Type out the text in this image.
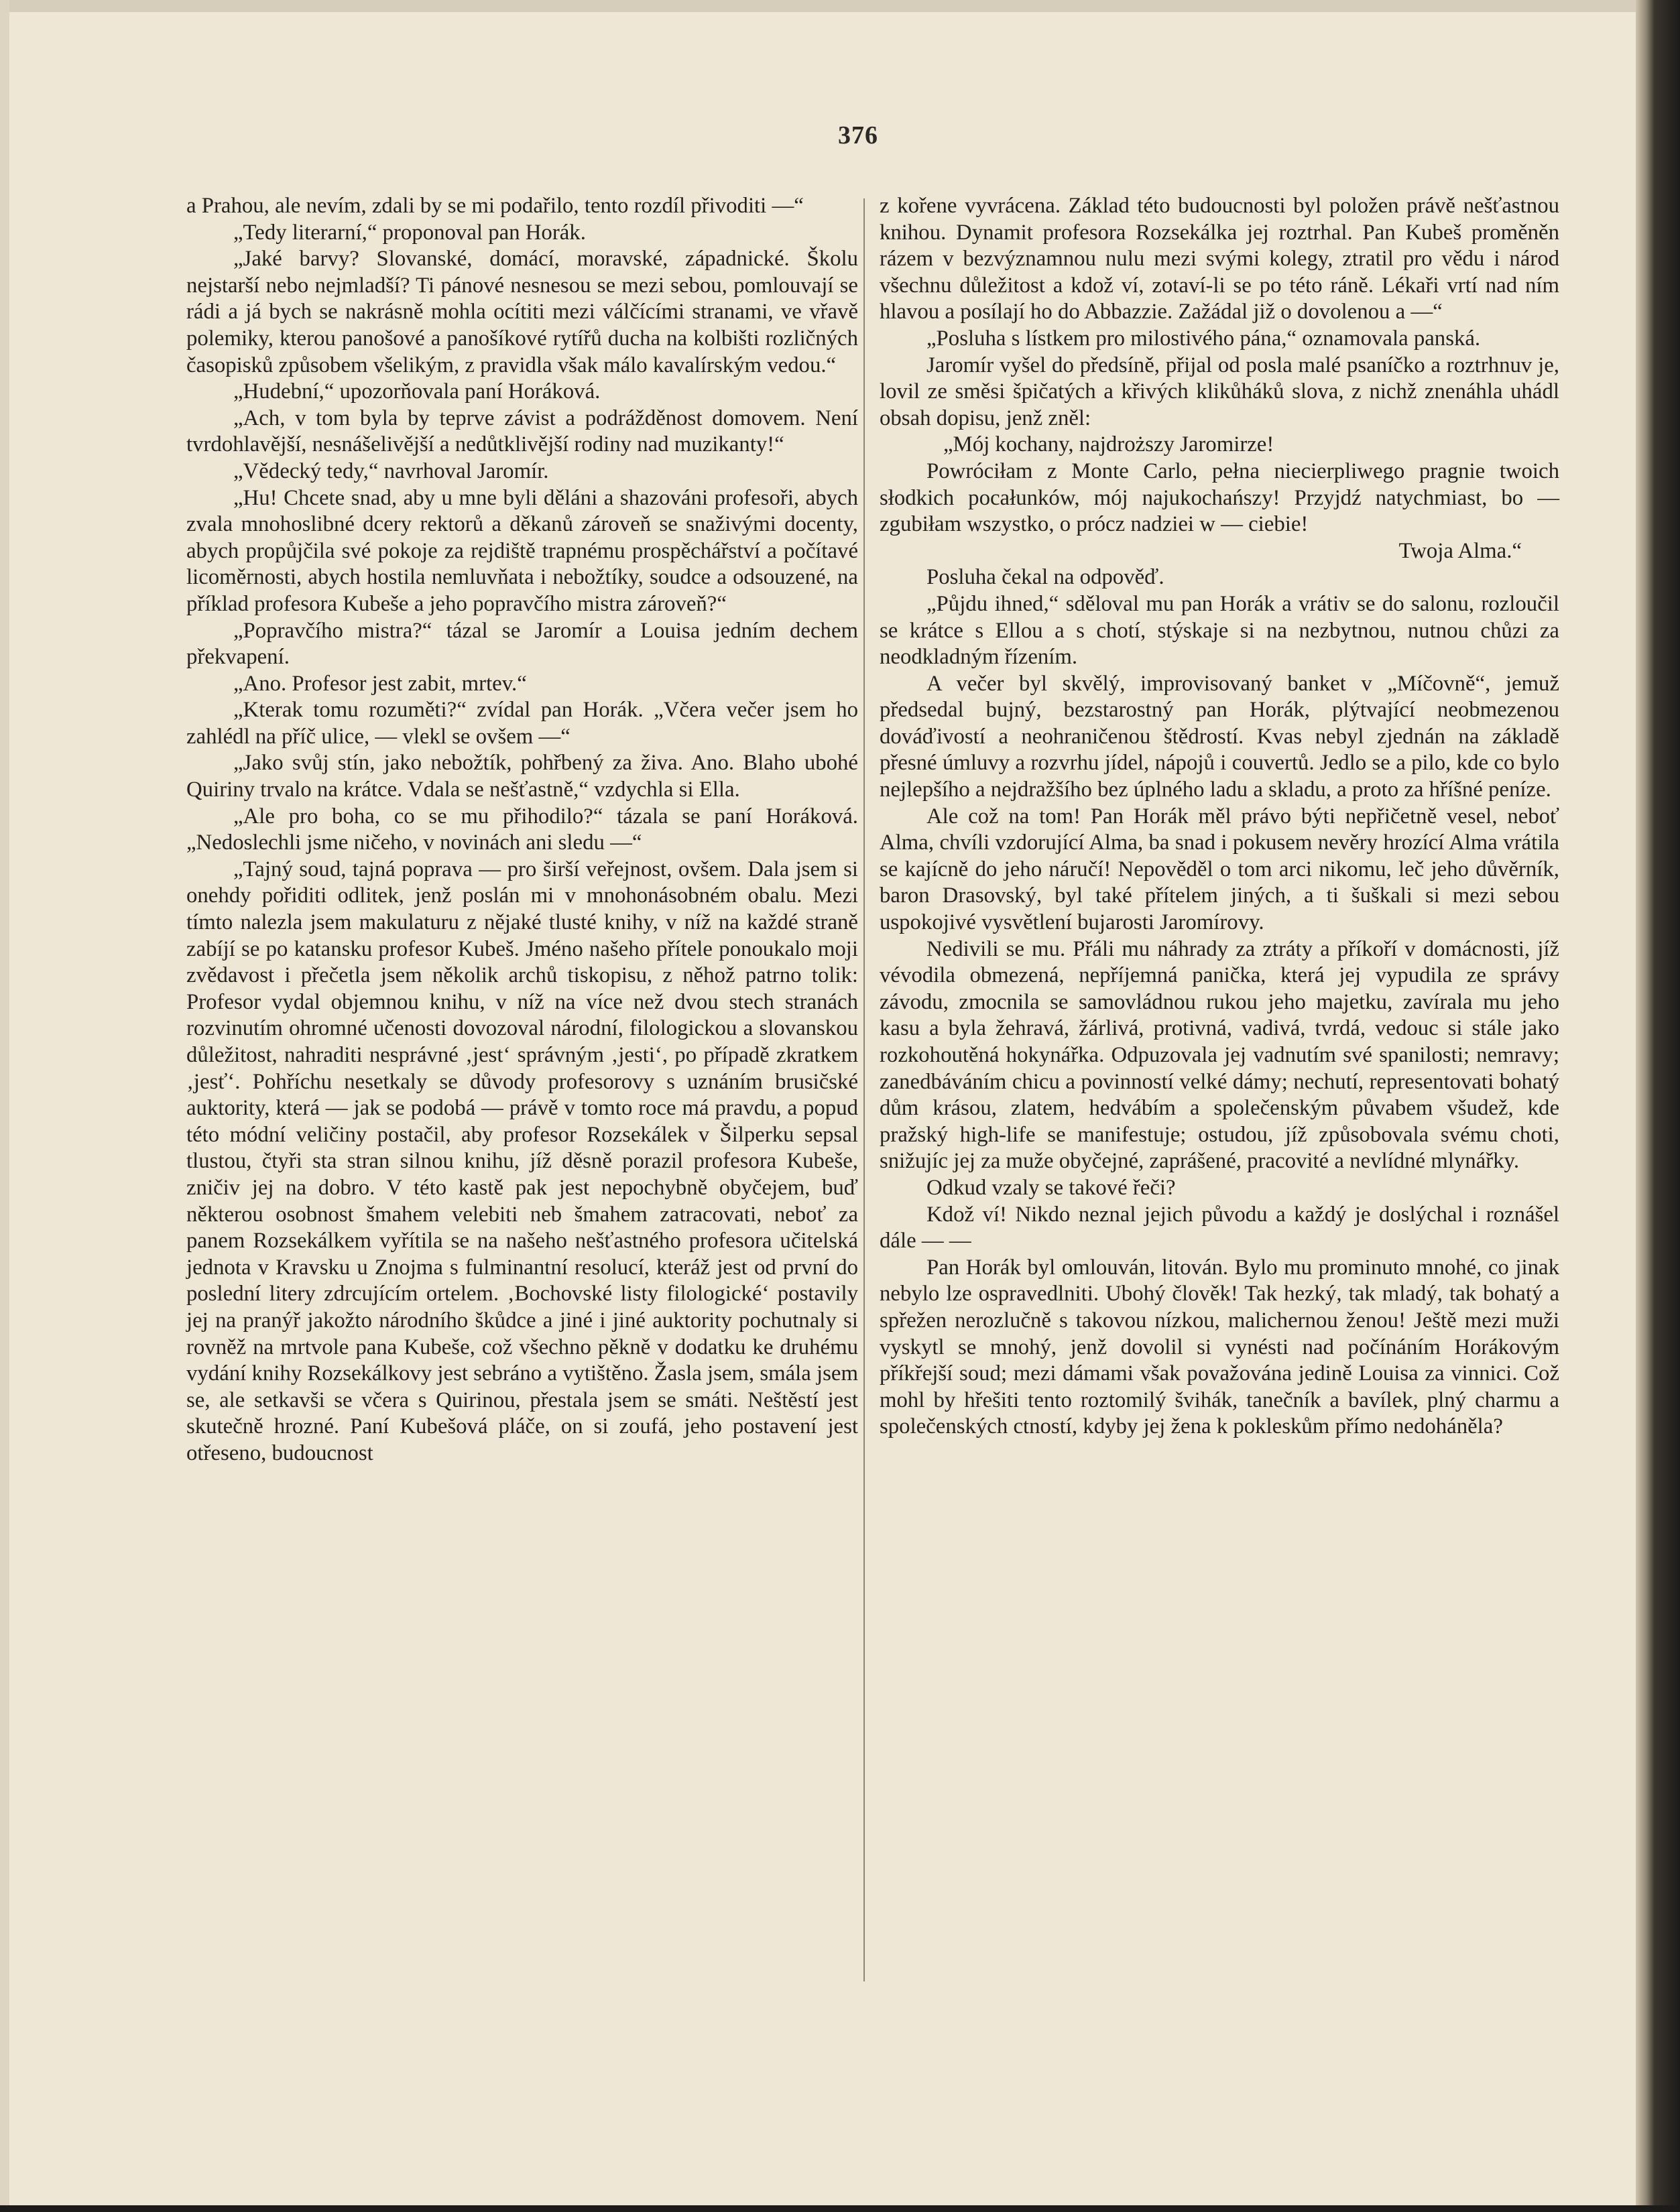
376

a Prahou, ale nevím, zdali by se mi podařilo, tento rozdíl přivoditi —“

„Tedy literarní,“ proponoval pan Horák.

„Jaké barvy? Slovanské, domácí, moravské, západnické. Školu nejstarší nebo nejmladší? Ti pánové nesnesou se mezi sebou, pomlouvají se rádi a já bych se nakrásně mohla ocítiti mezi válčícími stranami, ve vřavě polemiky, kterou panošové a panošíkové rytířů ducha na kolbišti rozličných časopisků způsobem všelikým, z pravidla však málo kavalírským vedou.“

„Hudební,“ upozorňovala paní Horáková.

„Ach, v tom byla by teprve závist a podrážděnost domovem. Není tvrdohlavější, nesnášelivější a nedůtklivější rodiny nad muzikanty!“

„Vědecký tedy,“ navrhoval Jaromír.

„Hu! Chcete snad, aby u mne byli děláni a shazováni profesoři, abych zvala mnohoslibné dcery rektorů a děkanů zároveň se snaživými docenty, abych propůjčila své pokoje za rejdiště trapnému prospěchářství a počítavé licoměrnosti, abych hostila nemluvňata i nebožtíky, soudce a odsouzené, na příklad profesora Kubeše a jeho popravčího mistra zároveň?“

„Popravčího mistra?“ tázal se Jaromír a Louisa jedním dechem překvapení.

„Ano. Profesor jest zabit, mrtev.“

„Kterak tomu rozuměti?“ zvídal pan Horák. „Včera večer jsem ho zahlédl na příč ulice, — vlekl se ovšem —“

„Jako svůj stín, jako nebožtík, pohřbený za živa. Ano. Blaho ubohé Quiriny trvalo na krátce. Vdala se nešťastně,“ vzdychla si Ella.

„Ale pro boha, co se mu přihodilo?“ tázala se paní Horáková. „Nedoslechli jsme ničeho, v novinách ani sledu —“

„Tajný soud, tajná poprava — pro širší veřejnost, ovšem. Dala jsem si onehdy pořiditi odlitek, jenž poslán mi v mnohonásobném obalu. Mezi tímto nalezla jsem makulaturu z nějaké tlusté knihy, v níž na každé straně zabíjí se po katansku profesor Kubeš. Jméno našeho přítele ponoukalo moji zvědavost i přečetla jsem několik archů tiskopisu, z něhož patrno tolik: Profesor vydal objemnou knihu, v níž na více než dvou stech stranách rozvinutím ohromné učenosti dovozoval národní, filologickou a slovanskou důležitost, nahraditi nesprávné ‚jest‘ správným ‚jesti‘, po případě zkratkem ‚jesť‘. Pohříchu nesetkaly se důvody profesorovy s uznáním brusičské auktority, která — jak se podobá — právě v tomto roce má pravdu, a popud této módní veličiny postačil, aby profesor Rozsekálek v Šilperku sepsal tlustou, čtyři sta stran silnou knihu, jíž děsně porazil profesora Kubeše, zničiv jej na dobro. V této kastě pak jest nepochybně obyčejem, buď některou osobnost šmahem velebiti neb šmahem zatracovati, neboť za panem Rozsekálkem vyřítila se na našeho nešťastného profesora učitelská jednota v Kravsku u Znojma s fulminantní resolucí, kteráž jest od první do poslední litery zdrcujícím ortelem. ‚Bochovské listy filologické‘ postavily jej na pranýř jakožto národního škůdce a jiné i jiné auktority pochutnaly si rovněž na mrtvole pana Kubeše, což všechno pěkně v dodatku ke druhému vydání knihy Rozsekálkovy jest sebráno a vytištěno. Žasla jsem, smála jsem se, ale setkavši se včera s Quirinou, přestala jsem se smáti. Neštěstí jest skutečně hrozné. Paní Kubešová pláče, on si zoufá, jeho postavení jest otřeseno, budoucnost

z kořene vyvrácena. Základ této budoucnosti byl položen právě nešťastnou knihou. Dynamit profesora Rozsekálka jej roztrhal. Pan Kubeš proměněn rázem v bezvýznamnou nulu mezi svými kolegy, ztratil pro vědu i národ všechnu důležitost a kdož ví, zotaví-li se po této ráně. Lékaři vrtí nad ním hlavou a posílají ho do Abbazzie. Zažádal již o dovolenou a —“

„Posluha s lístkem pro milostivého pána,“ oznamovala panská.

Jaromír vyšel do předsíně, přijal od posla malé psaníčko a roztrhnuv je, lovil ze směsi špičatých a křivých klikůháků slova, z nichž znenáhla uhádl obsah dopisu, jenž zněl:

„Mój kochany, najdroższy Jaromirze!

Powróciłam z Monte Carlo, pełna niecierpliwego pragnie twoich słodkich pocałunków, mój najukochańszy! Przyjdź natychmiast, bo — zgubiłam wszystko, o prócz nadziei w — ciebie!

Twoja Alma.“

Posluha čekal na odpověď.

„Půjdu ihned,“ sděloval mu pan Horák a vrátiv se do salonu, rozloučil se krátce s Ellou a s chotí, stýskaje si na nezbytnou, nutnou chůzi za neodkladným řízením.

A večer byl skvělý, improvisovaný banket v „Míčovně“, jemuž předsedal bujný, bezstarostný pan Horák, plýtvající neobmezenou dováďivostí a neohraničenou štědrostí. Kvas nebyl zjednán na základě přesné úmluvy a rozvrhu jídel, nápojů i couvertů. Jedlo se a pilo, kde co bylo nejlepšího a nejdražšího bez úplného ladu a skladu, a proto za hříšné peníze.

Ale což na tom! Pan Horák měl právo býti nepřičetně vesel, neboť Alma, chvíli vzdorující Alma, ba snad i pokusem nevěry hrozící Alma vrátila se kajícně do jeho náručí! Nepověděl o tom arci nikomu, leč jeho důvěrník, baron Drasovský, byl také přítelem jiných, a ti šuškali si mezi sebou uspokojivé vysvětlení bujarosti Jaromírovy.

Nedivili se mu. Přáli mu náhrady za ztráty a příkoří v domácnosti, jíž vévodila obmezená, nepříjemná panička, která jej vypudila ze správy závodu, zmocnila se samovládnou rukou jeho majetku, zavírala mu jeho kasu a byla žehravá, žárlivá, protivná, vadivá, tvrdá, vedouc si stále jako rozkohoutěná hokynářka. Odpuzovala jej vadnutím své spanilosti; nemravy; zanedbáváním chicu a povinností velké dámy; nechutí, representovati bohatý dům krásou, zlatem, hedvábím a společenským půvabem všudež, kde pražský high-life se manifestuje; ostudou, jíž způsobovala svému choti, snižujíc jej za muže obyčejné, zaprášené, pracovité a nevlídné mlynářky.

Odkud vzaly se takové řeči?

Kdož ví! Nikdo neznal jejich původu a každý je doslýchal i roznášel dále — —

Pan Horák byl omlouván, litován. Bylo mu prominuto mnohé, co jinak nebylo lze ospravedlniti. Ubohý člověk! Tak hezký, tak mladý, tak bohatý a spřežen nerozlučně s takovou nízkou, malichernou ženou! Ještě mezi muži vyskytl se mnohý, jenž dovolil si vynésti nad počínáním Horákovým příkřejší soud; mezi dámami však považována jedině Louisa za vinnici. Což mohl by hřešiti tento roztomilý švihák, tanečník a bavílek, plný charmu a společenských ctností, kdyby jej žena k pokleskům přímo nedoháněla?
